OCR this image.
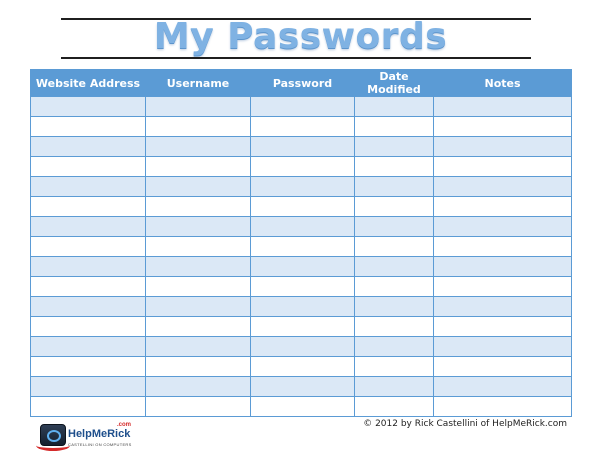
My Passwords
Website Address	Username	Password	Date Modified	Notes

.com
HelpMeRick
CASTELLINI ON COMPUTERS
© 2012 by Rick Castellini of HelpMeRick.com
